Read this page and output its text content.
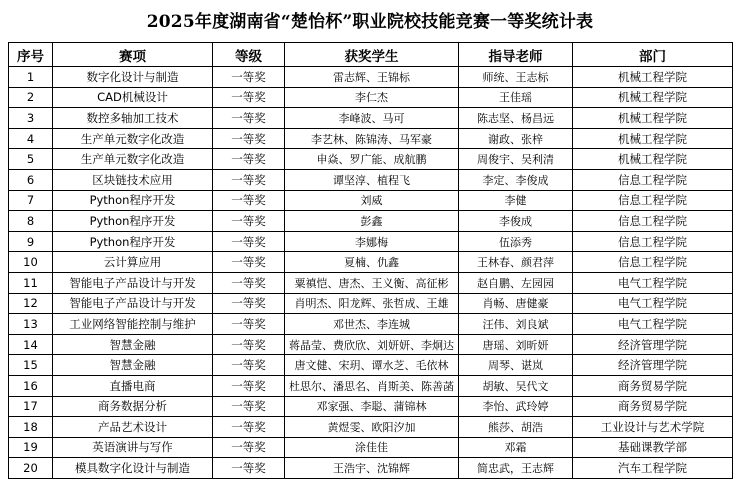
2025年度湖南省“楚怡杯”职业院校技能竞赛一等奖统计表
序号	赛项	等级	获奖学生	指导老师	部门
1	数字化设计与制造	一等奖	雷志辉、王锦标	师统、王志标	机械工程学院
2	CAD机械设计	一等奖	李仁杰	王佳瑶	机械工程学院
3	数控多轴加工技术	一等奖	李峰波、马可	陈志坚、杨昌远	机械工程学院
4	生产单元数字化改造	一等奖	李艺林、陈锦涛、马军豪	谢政、张梓	机械工程学院
5	生产单元数字化改造	一等奖	申焱、罗广能、成航鹏	周俊宇、吴利清	机械工程学院
6	区块链技术应用	一等奖	谭坚淳、植程飞	李定、李俊成	信息工程学院
7	Python程序开发	一等奖	刘威	李健	信息工程学院
8	Python程序开发	一等奖	彭鑫	李俊成	信息工程学院
9	Python程序开发	一等奖	李娜梅	伍添秀	信息工程学院
10	云计算应用	一等奖	夏楠、仇鑫	王林春、颜君萍	信息工程学院
11	智能电子产品设计与开发	一等奖	粟禛恺、唐杰、王义衡、高征彬	赵自鹏、左园园	电气工程学院
12	智能电子产品设计与开发	一等奖	肖明杰、阳龙辉、张哲成、王雄	肖畅、唐健豪	电气工程学院
13	工业网络智能控制与维护	一等奖	邓世杰、李连城	汪伟、刘良斌	电气工程学院
14	智慧金融	一等奖	蒋晶莹、费欣欣、刘妍妍、李炯达	唐瑶、刘昕妍	经济管理学院
15	智慧金融	一等奖	唐文健、宋玥、谭水芝、毛依林	周琴、谌岚	经济管理学院
16	直播电商	一等奖	杜思尔、潘思名、肖斯美、陈善菡	胡敏、吴代文	商务贸易学院
17	商务数据分析	一等奖	邓家强、李聪、蒲锦林	李怡、武玲婷	商务贸易学院
18	产品艺术设计	一等奖	黄煜雯、欧阳汐加	熊莎、胡浩	工业设计与艺术学院
19	英语演讲与写作	一等奖	涂佳佳	邓霜	基础课教学部
20	模具数字化设计与制造	一等奖	王浩宇、沈锦辉	简忠武，王志辉	汽车工程学院
